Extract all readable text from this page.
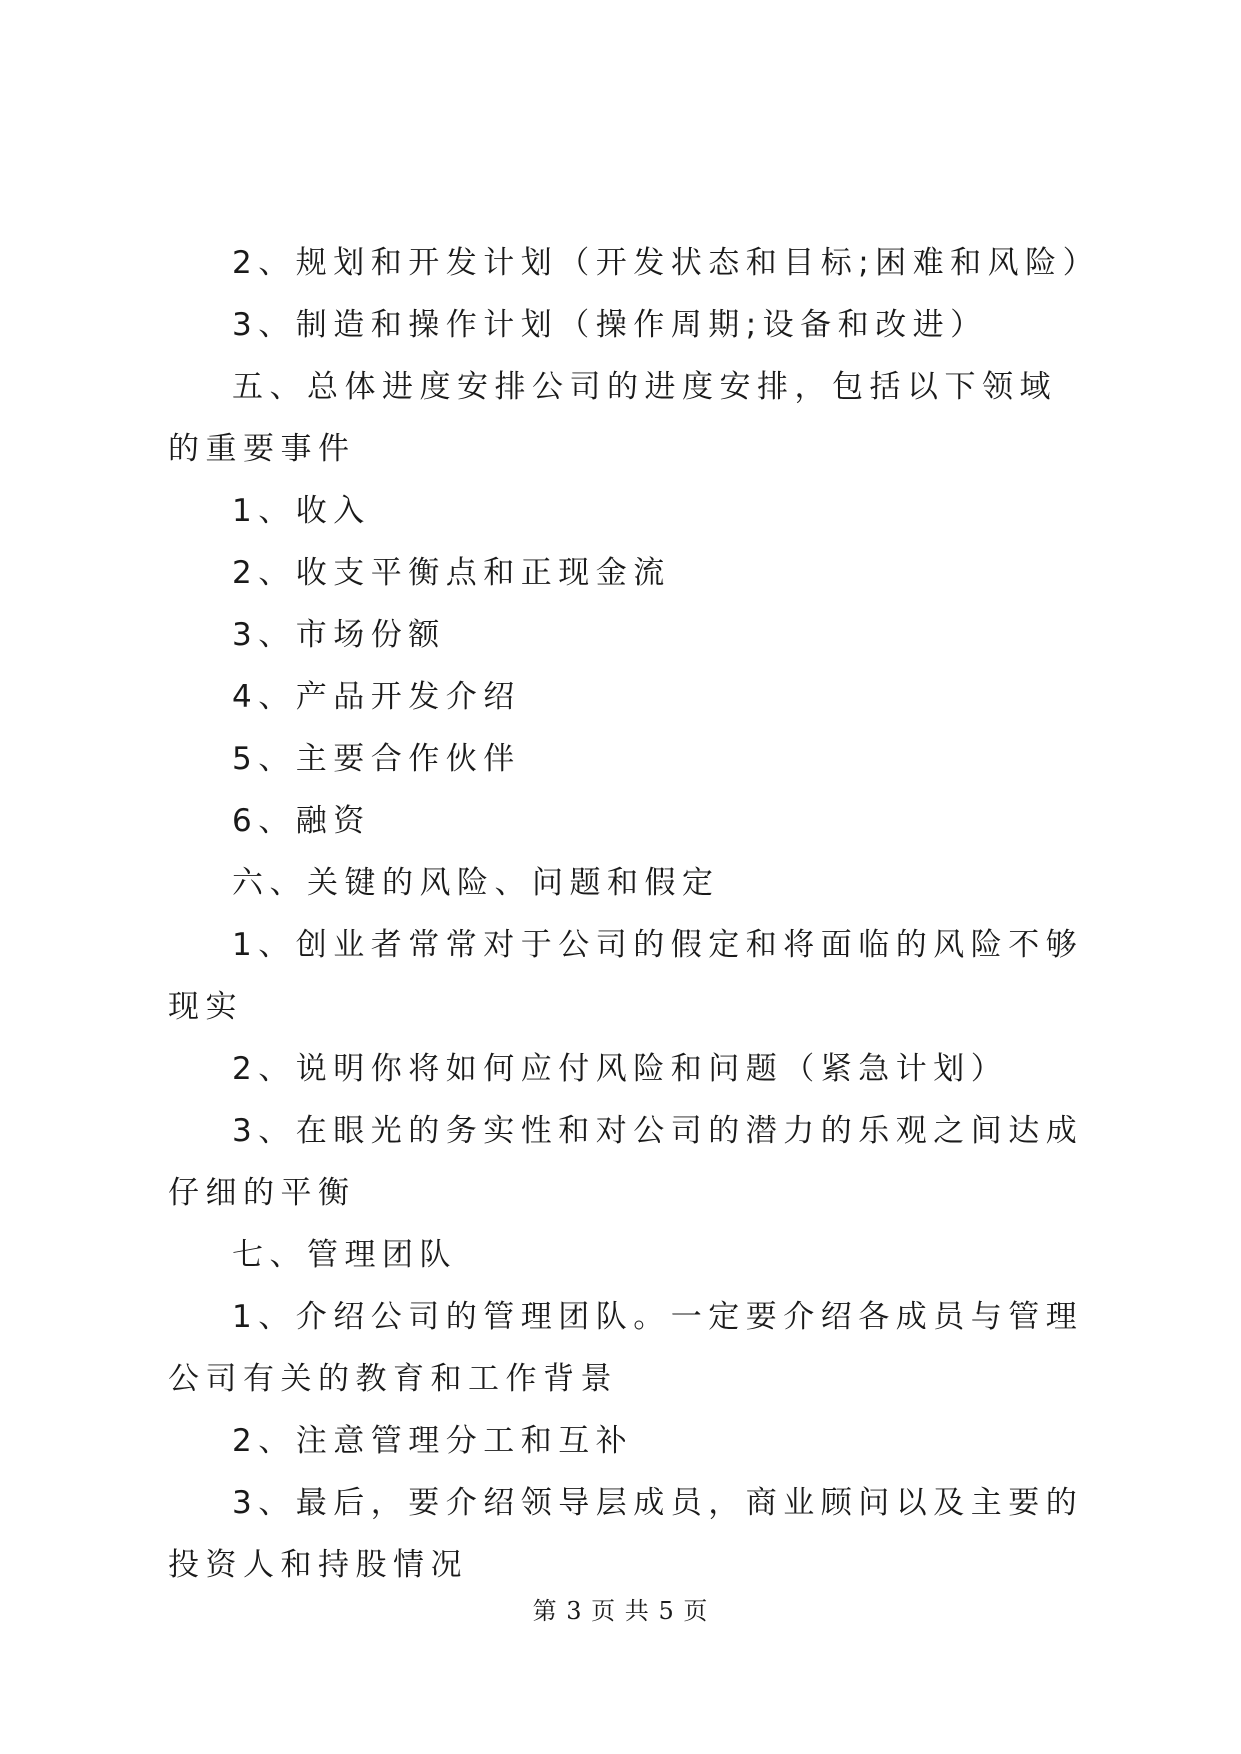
2、规划和开发计划（开发状态和目标;困难和风险）

3、制造和操作计划（操作周期;设备和改进）

五、总体进度安排公司的进度安排，包括以下领域的重要事件

1、收入

2、收支平衡点和正现金流

3、市场份额

4、产品开发介绍

5、主要合作伙伴

6、融资

六、关键的风险、问题和假定

1、创业者常常对于公司的假定和将面临的风险不够现实

2、说明你将如何应付风险和问题（紧急计划）

3、在眼光的务实性和对公司的潜力的乐观之间达成仔细的平衡

七、管理团队

1、介绍公司的管理团队。一定要介绍各成员与管理公司有关的教育和工作背景

2、注意管理分工和互补

3、最后，要介绍领导层成员，商业顾问以及主要的投资人和持股情况

第 3 页 共 5 页
